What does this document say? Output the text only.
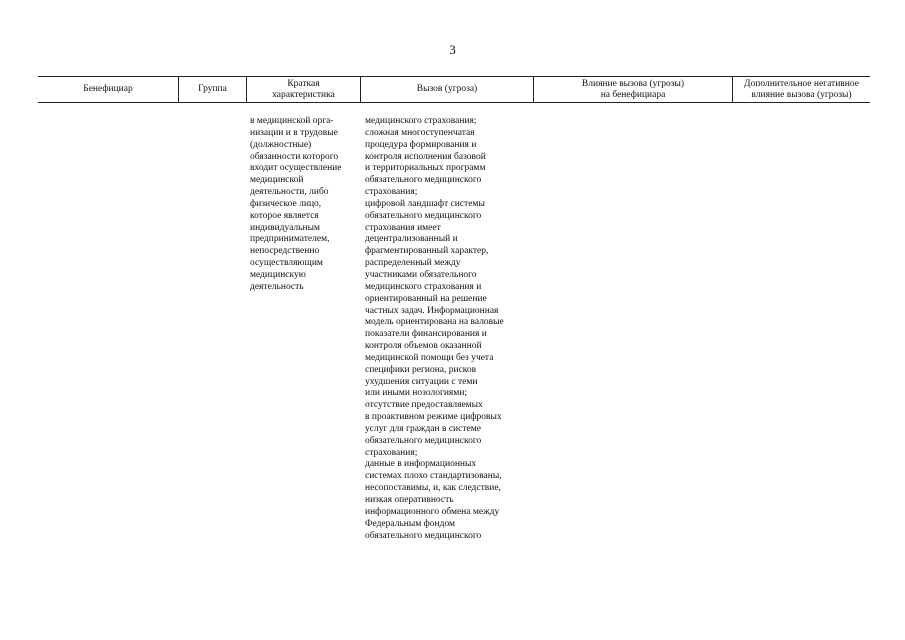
3
Бенефициар	Группа
Краткая
характеристика
Вызов (угроза)
Влияние вызова (угрозы)
на бенефициара
Дополнительное негативное
влияние вызова (угрозы)
в медицинской орга-
низации и в трудовые
(должностные)
обязанности которого
входит осуществление
медицинской
деятельности, либо
физическое лицо,
которое является
индивидуальным
предпринимателем,
непосредственно
осуществляющим
медицинскую
деятельность
медицинского страхования;
сложная многоступенчатая
процедура формирования и
контроля исполнения базовой
и территориальных программ
обязательного медицинского
страхования;
цифровой ландшафт системы
обязательного медицинского
страхования имеет
децентрализованный и
фрагментированный характер,
распределенный между
участниками обязательного
медицинского страхования и
ориентированный на решение
частных задач. Информационная
модель ориентирована на валовые
показатели финансирования и
контроля объемов оказанной
медицинской помощи без учета
специфики региона, рисков
ухудшения ситуации с теми
или иными нозологиями;
отсутствие предоставляемых
в проактивном режиме цифровых
услуг для граждан в системе
обязательного медицинского
страхования;
данные в информационных
системах плохо стандартизованы,
несопоставимы, и, как следствие,
низкая оперативность
информационного обмена между
Федеральным фондом
обязательного медицинского
